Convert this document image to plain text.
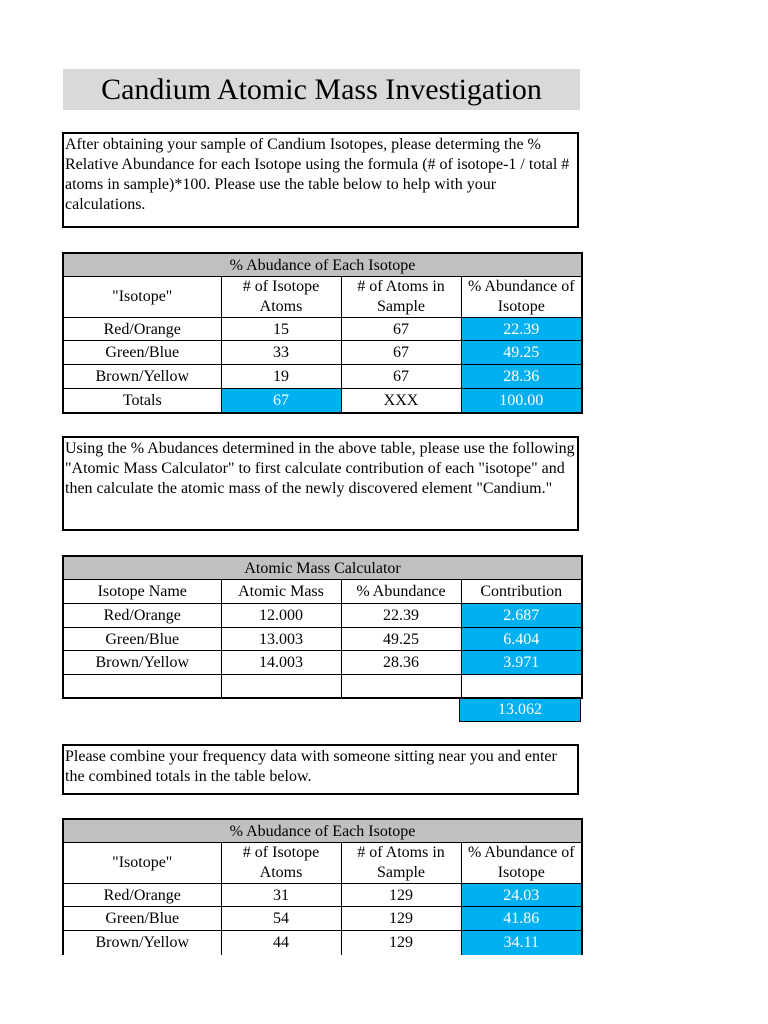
Candium Atomic Mass Investigation
After obtaining your sample of Candium Isotopes, please determing the % Relative Abundance for each Isotope using the formula (# of isotope-1 / total # atoms in sample)*100. Please use the table below to help with your calculations.
% Abudance of Each Isotope			
"Isotope"	# of Isotope Atoms	# of Atoms in Sample	% Abundance of Isotope
Red/Orange	15	67	22.39
Green/Blue	33	67	49.25
Brown/Yellow	19	67	28.36
Totals	67	XXX	100.00
Using the % Abudances determined in the above table, please use the following "Atomic Mass Calculator" to first calculate contribution of each "isotope" and then calculate the atomic mass of the newly discovered element "Candium."
Atomic Mass Calculator			
Isotope Name	Atomic Mass	% Abundance	Contribution
Red/Orange	12.000	22.39	2.687
Green/Blue	13.003	49.25	6.404
Brown/Yellow	14.003	28.36	3.971

13.062
Please combine your frequency data with someone sitting near you and enter the combined totals in the table below.
% Abudance of Each Isotope			
"Isotope"	# of Isotope Atoms	# of Atoms in Sample	% Abundance of Isotope
Red/Orange	31	129	24.03
Green/Blue	54	129	41.86
Brown/Yellow	44	129	34.11
